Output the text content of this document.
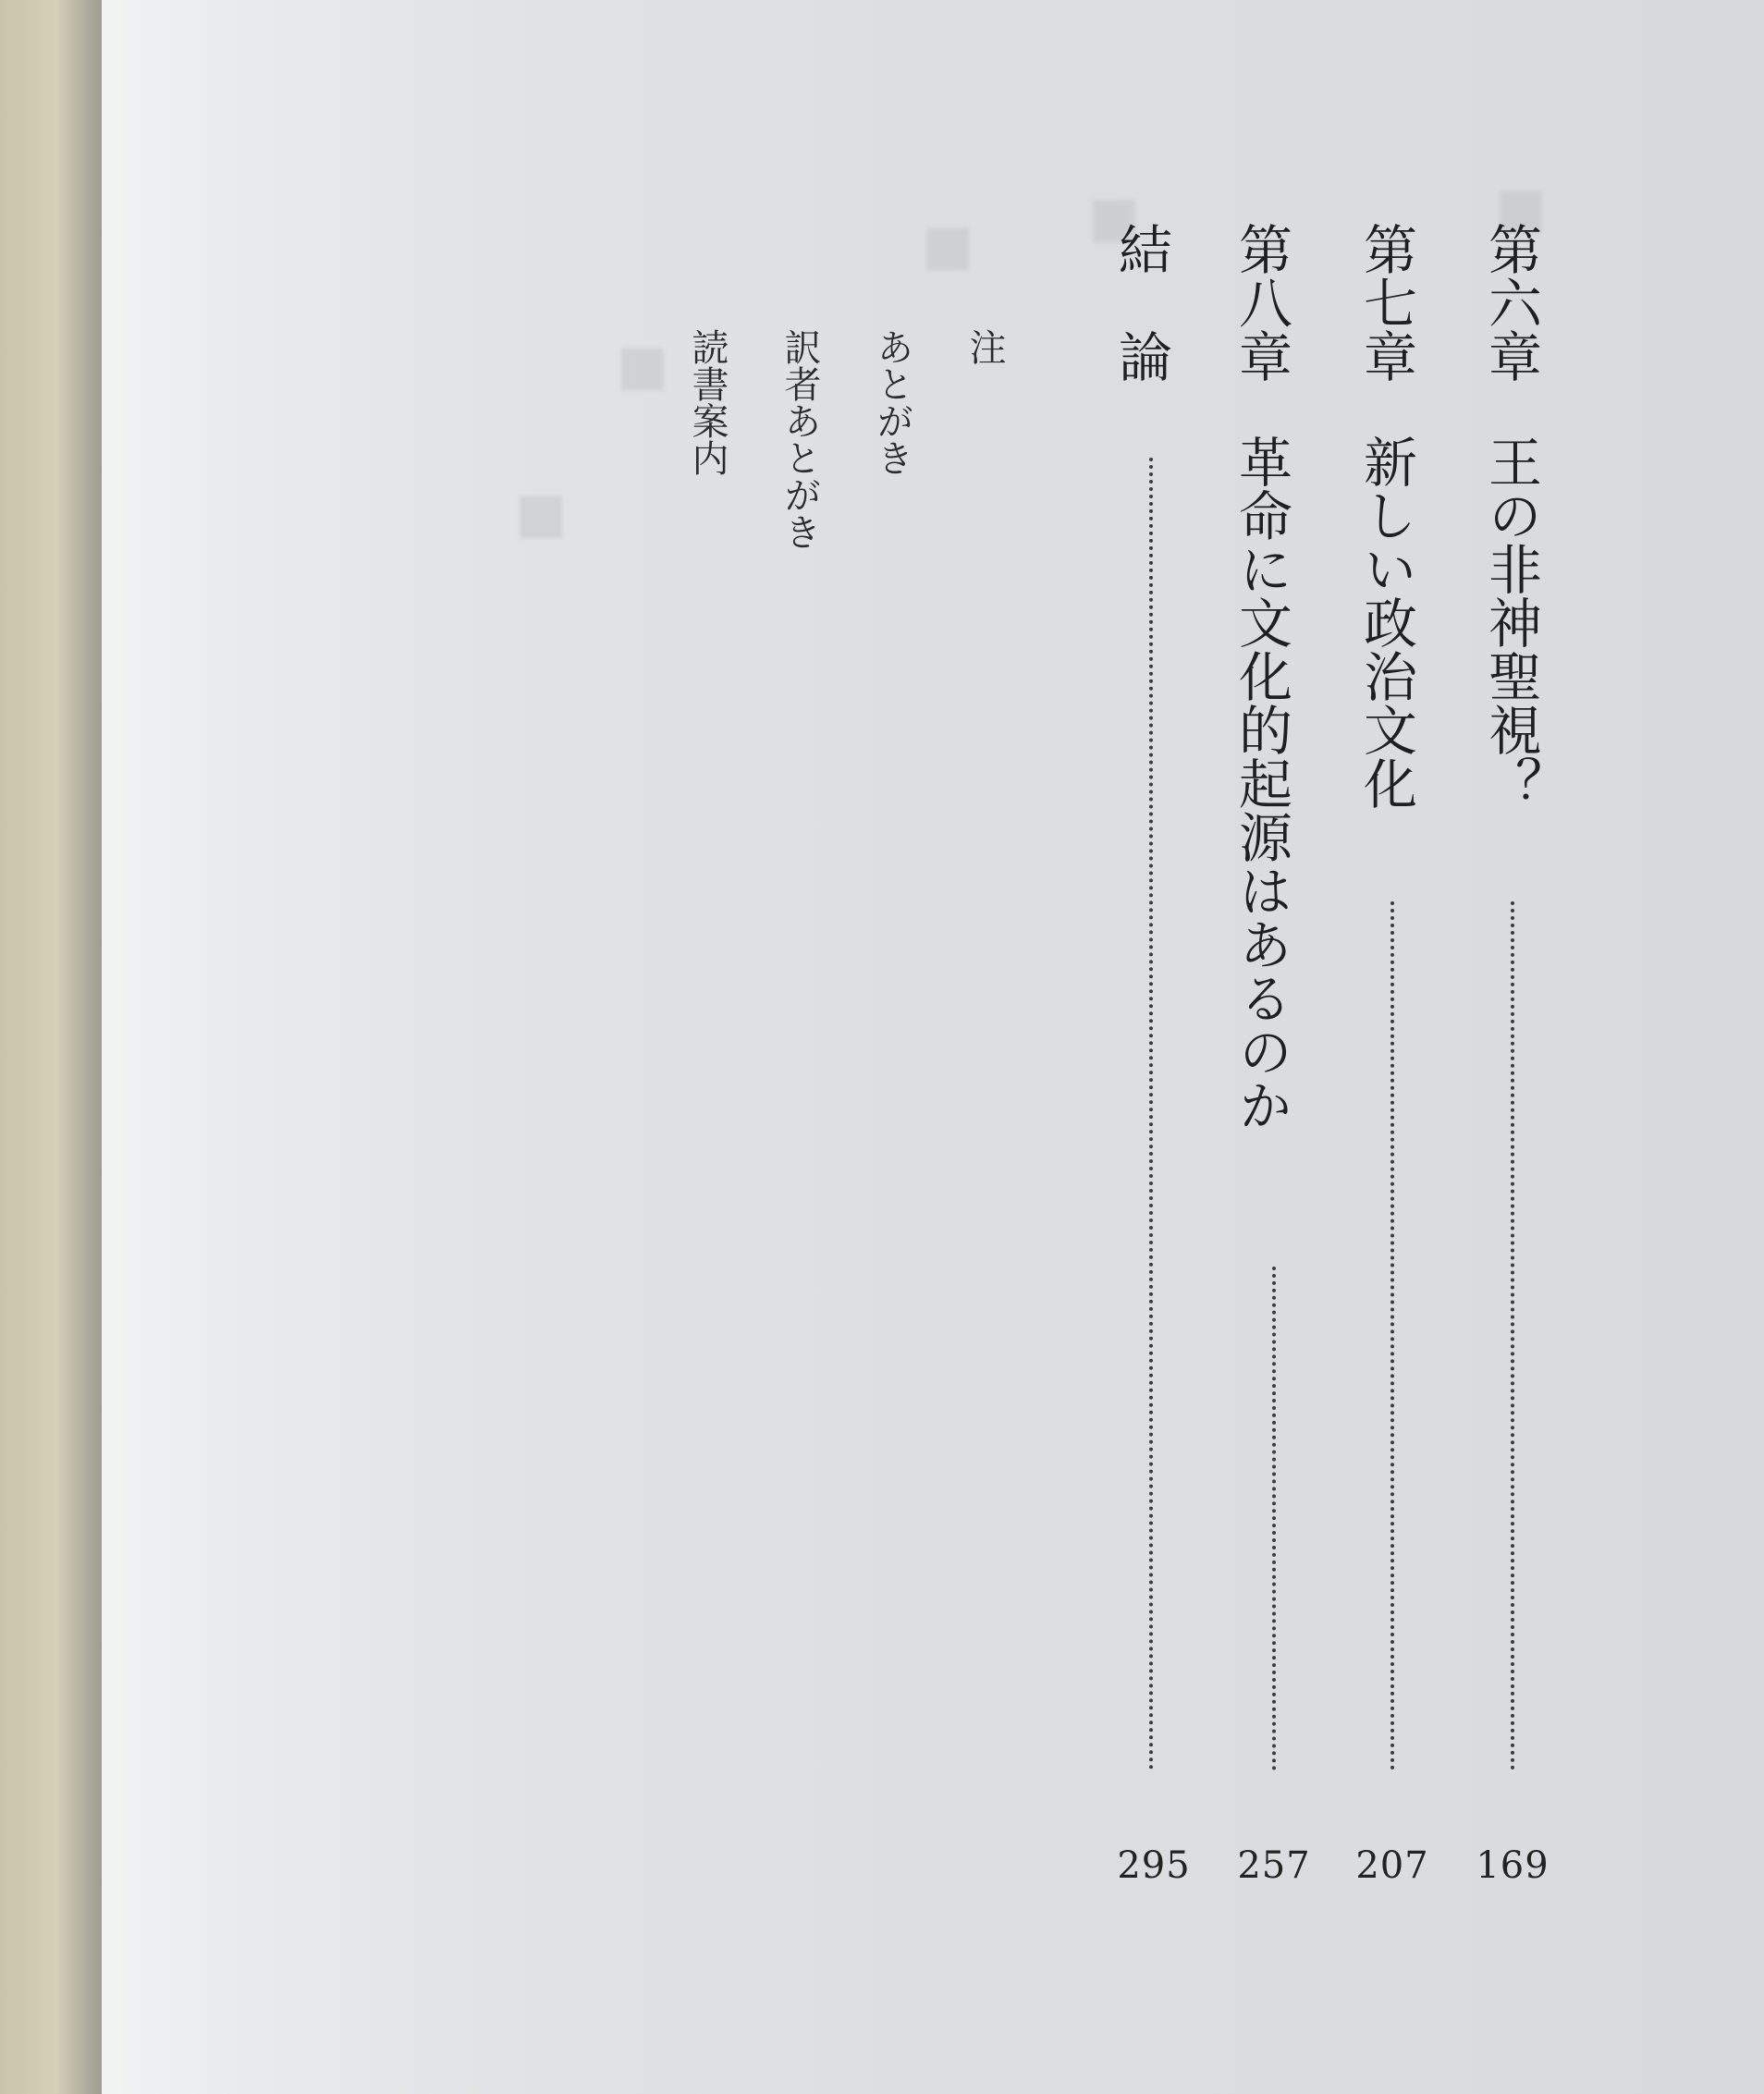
■
■
■
■
■
第六章
王の非神聖視？
169
第七章
新しい政治文化
207
第八章
革命に文化的起源はあるのか
257
結　論
295
注
あとがき
訳者あとがき
読書案内
